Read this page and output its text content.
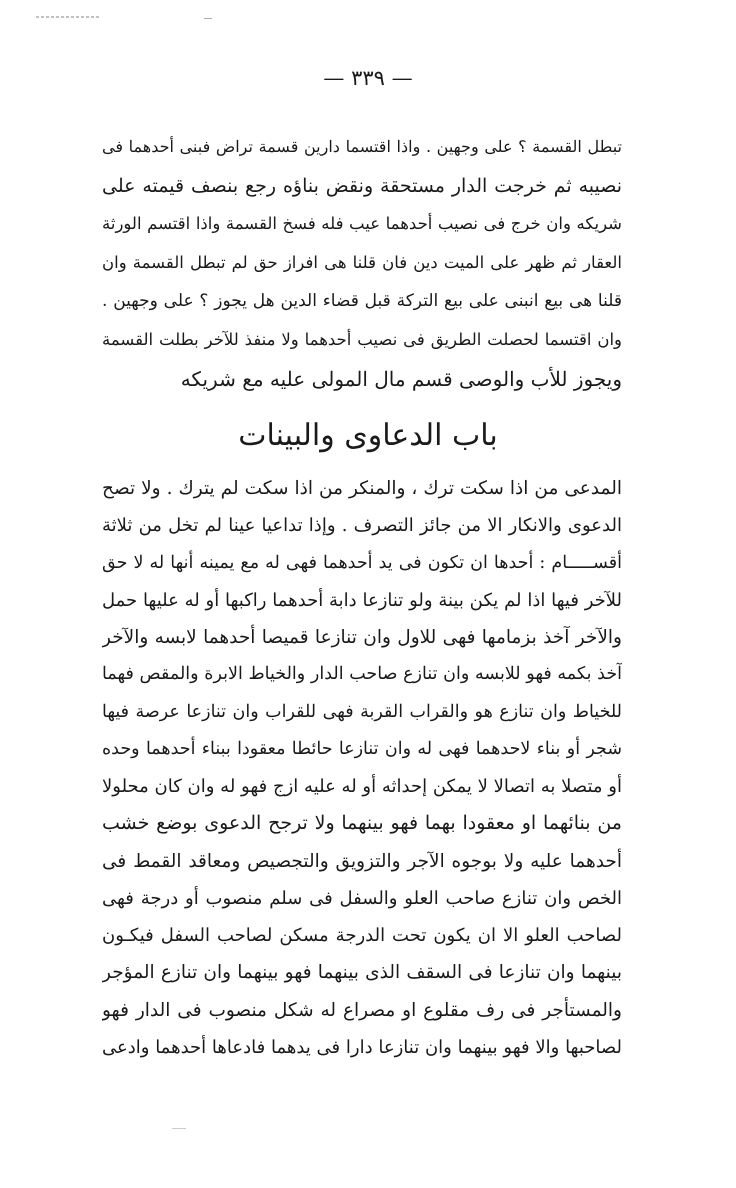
— ٣٣٩ —
تبطل القسمة ؟ على وجهين . واذا اقتسما دارين قسمة تراض فبنى أحدهما فى
نصيبه ثم خرجت الدار مستحقة ونقض بناؤه رجع بنصف قيمته على
شريكه وان خرج فى نصيب أحدهما عيب فله فسخ القسمة واذا اقتسم الورثة
العقار ثم ظهر على الميت دين فان قلنا هى افراز حق لم تبطل القسمة وان
قلنا هى بيع انبنى على بيع التركة قبل قضاء الدين هل يجوز ؟ على وجهين .
وان اقتسما لحصلت الطريق فى نصيب أحدهما ولا منفذ للآخر بطلت القسمة
ويجوز للأب والوصى قسم مال المولى عليه مع شريكه
باب الدعاوى والبينات
المدعى من اذا سكت ترك ، والمنكر من اذا سكت لم يترك . ولا تصح
الدعوى والانكار الا من جائز التصرف . وإذا تداعيا عينا لم تخل من ثلاثة
أقســـــام : أحدها ان تكون فى يد أحدهما فهى له مع يمينه أنها له لا حق
للآخر فيها اذا لم يكن بينة ولو تنازعا دابة أحدهما راكبها أو له عليها حمل
والآخر آخذ بزمامها فهى للاول وان تنازعا قميصا أحدهما لابسه والآخر
آخذ بكمه فهو للابسه وان تنازع صاحب الدار والخياط الابرة والمقص فهما
للخياط وان تنازع هو والقراب القربة فهى للقراب وان تنازعا عرصة فيها
شجر أو بناء لاحدهما فهى له وان تنازعا حائطا معقودا ببناء أحدهما وحده
أو متصلا به اتصالا لا يمكن إحداثه أو له عليه ازج فهو له وان كان محلولا
من بنائهما او معقودا بهما فهو بينهما ولا ترجح الدعوى بوضع خشب
أحدهما عليه ولا بوجوه الآجر والتزويق والتجصيص ومعاقد القمط فى
الخص وان تنازع صاحب العلو والسفل فى سلم منصوب أو درجة فهى
لصاحب العلو الا ان يكون تحت الدرجة مسكن لصاحب السفل فيكـون
بينهما وان تنازعا فى السقف الذى بينهما فهو بينهما وان تنازع المؤجر
والمستأجر فى رف مقلوع او مصراع له شكل منصوب فى الدار فهو
لصاحبها والا فهو بينهما وان تنازعا دارا فى يدهما فادعاها أحدهما وادعى
